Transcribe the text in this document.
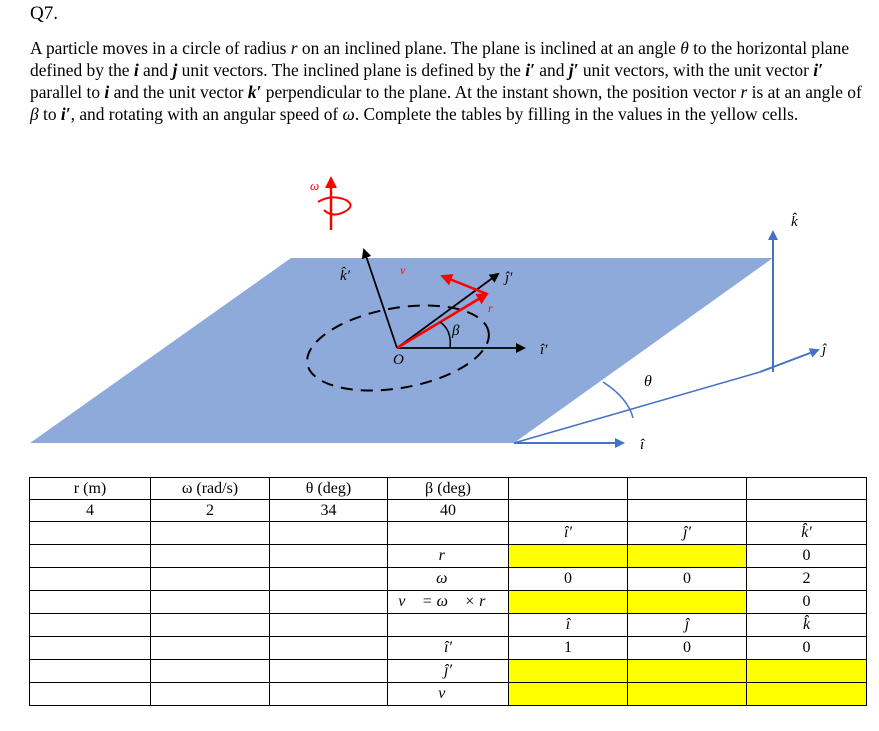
Q7.

A particle moves in a circle of radius r on an inclined plane. The plane is inclined at an angle θ to the horizontal plane defined by the i and j unit vectors. The inclined plane is defined by the i′ and j′ unit vectors, with the unit vector i′ parallel to i and the unit vector k′ perpendicular to the plane. At the instant shown, the position vector r is at an angle of β to i′, and rotating with an angular speed of ω. Complete the tables by filling in the values in the yellow cells.

ω
k̂′	v	ĵ′
r
β
O
î′
θ
î
ĵ
k̂
r (m)	ω (rad/s)	θ (deg)	β (deg)			
4	2	34	40			
				î′	ĵ′	k̂′
			r⃗			0
			ω⃗	0	0	2
			v⃗ = ω⃗ × r⃗			0
				î	ĵ	k̂
			î′	1	0	0
			ĵ′			
			v⃗			
